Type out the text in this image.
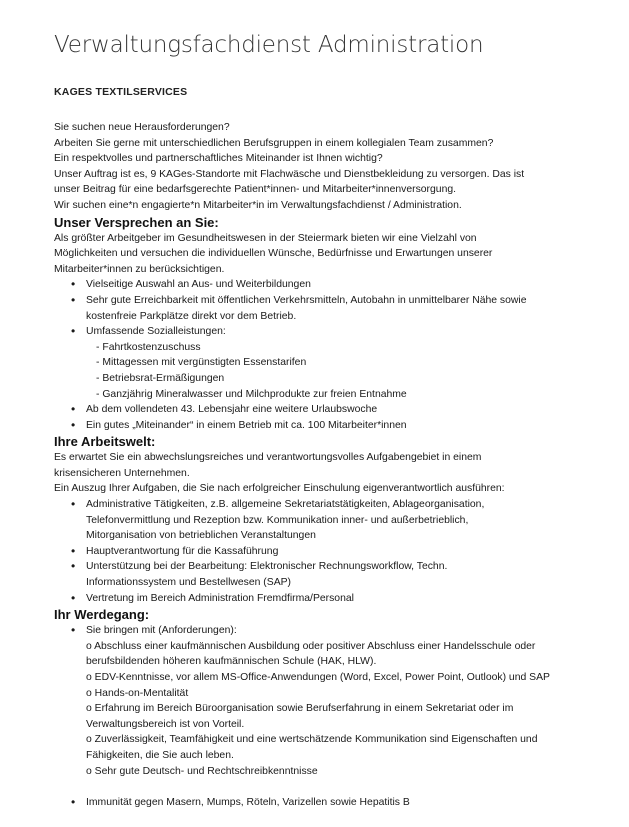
Verwaltungsfachdienst Administration
KAGES TEXTILSERVICES

Sie suchen neue Herausforderungen?

Arbeiten Sie gerne mit unterschiedlichen Berufsgruppen in einem kollegialen Team zusammen?

Ein respektvolles und partnerschaftliches Miteinander ist Ihnen wichtig?

Unser Auftrag ist es, 9 KAGes-Standorte mit Flachwäsche und Dienstbekleidung zu versorgen. Das ist

unser Beitrag für eine bedarfsgerechte Patient*innen- und Mitarbeiter*innenversorgung.

Wir suchen eine*n engagierte*n Mitarbeiter*in im Verwaltungsfachdienst / Administration.

Unser Versprechen an Sie:

Als größter Arbeitgeber im Gesundheitswesen in der Steiermark bieten wir eine Vielzahl von

Möglichkeiten und versuchen die individuellen Wünsche, Bedürfnisse und Erwartungen unserer

Mitarbeiter*innen zu berücksichtigen.

• Vielseitige Auswahl an Aus- und Weiterbildungen
• Sehr gute Erreichbarkeit mit öffentlichen Verkehrsmitteln, Autobahn in unmittelbarer Nähe sowie
kostenfreie Parkplätze direkt vor dem Betrieb.
• Umfassende Sozialleistungen:
- Fahrtkostenzuschuss
- Mittagessen mit vergünstigten Essenstarifen
- Betriebsrat-Ermäßigungen
- Ganzjährig Mineralwasser und Milchprodukte zur freien Entnahme
• Ab dem vollendeten 43. Lebensjahr eine weitere Urlaubswoche
• Ein gutes „Miteinander“ in einem Betrieb mit ca. 100 Mitarbeiter*innen
Ihre Arbeitswelt:

Es erwartet Sie ein abwechslungsreiches und verantwortungsvolles Aufgabengebiet in einem

krisensicheren Unternehmen.

Ein Auszug Ihrer Aufgaben, die Sie nach erfolgreicher Einschulung eigenverantwortlich ausführen:

• Administrative Tätigkeiten, z.B. allgemeine Sekretariatstätigkeiten, Ablageorganisation,
Telefonvermittlung und Rezeption bzw. Kommunikation inner- und außerbetrieblich,
Mitorganisation von betrieblichen Veranstaltungen
• Hauptverantwortung für die Kassaführung
• Unterstützung bei der Bearbeitung: Elektronischer Rechnungsworkflow, Techn.
Informationssystem und Bestellwesen (SAP)
• Vertretung im Bereich Administration Fremdfirma/Personal
Ihr Werdegang:
• Sie bringen mit (Anforderungen):

o Abschluss einer kaufmännischen Ausbildung oder positiver Abschluss einer Handelsschule oder

berufsbildenden höheren kaufmännischen Schule (HAK, HLW).

o EDV-Kenntnisse, vor allem MS-Office-Anwendungen (Word, Excel, Power Point, Outlook) und SAP

o Hands-on-Mentalität

o Erfahrung im Bereich Büroorganisation sowie Berufserfahrung in einem Sekretariat oder im

Verwaltungsbereich ist von Vorteil.

o Zuverlässigkeit, Teamfähigkeit und eine wertschätzende Kommunikation sind Eigenschaften und

Fähigkeiten, die Sie auch leben.

o Sehr gute Deutsch- und Rechtschreibkenntnisse

• Immunität gegen Masern, Mumps, Röteln, Varizellen sowie Hepatitis B
